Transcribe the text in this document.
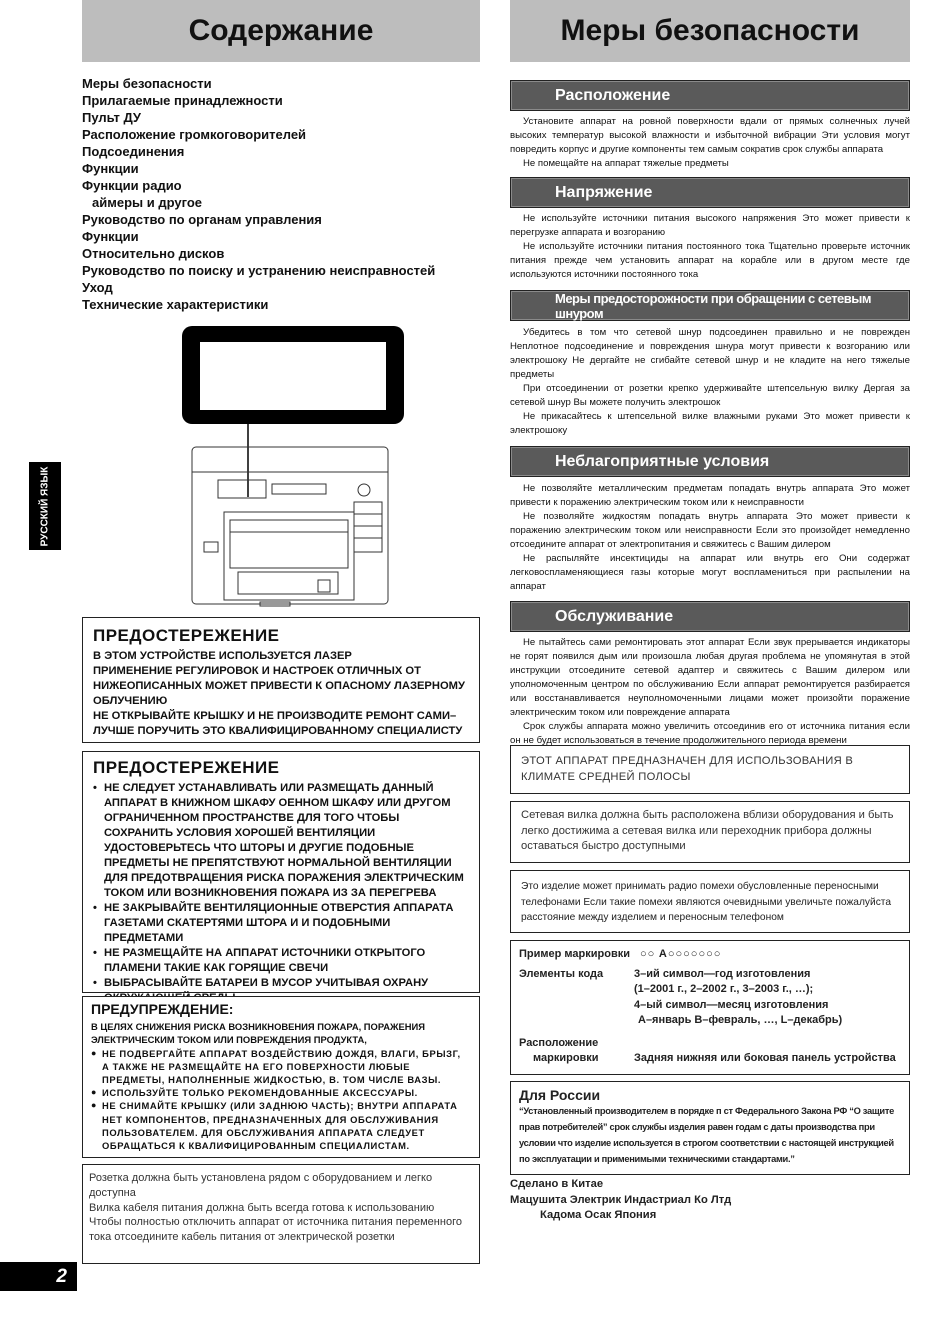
Содержание
Меры безопасности
Прилагаемые принадлежности
Пульт ДУ
Расположение громкоговорителей
Подсоединения
Функции
Функции радио
аймеры и другое
Руководство по органам управления
Функции
Относительно дисков
Руководство по поиску и устранению неисправностей
Уход
Технические характеристики
ПРЕДОСТЕРЕЖЕНИЕ
В ЭТОМ УСТРОЙСТВЕ ИСПОЛЬЗУЕТСЯ ЛАЗЕР
ПРИМЕНЕНИЕ РЕГУЛИРОВОК И НАСТРОЕК ОТЛИЧНЫХ ОТ НИЖЕОПИСАННЫХ МОЖЕТ ПРИВЕСТИ К ОПАСНОМУ ЛАЗЕРНОМУ ОБЛУЧЕНИЮ
НЕ ОТКРЫВАЙТЕ КРЫШКУ И НЕ ПРОИЗВОДИТЕ РЕМОНТ САМИ– ЛУЧШЕ ПОРУЧИТЬ ЭТО КВАЛИФИЦИРОВАННОМУ СПЕЦИАЛИСТУ
ПРЕДОСТЕРЕЖЕНИЕ
• НЕ СЛЕДУЕТ УСТАНАВЛИВАТЬ ИЛИ РАЗМЕЩАТЬ ДАННЫЙ АППАРАТ В КНИЖНОМ ШКАФУ ОЕННОМ ШКАФУ ИЛИ ДРУГОМ ОГРАНИЧЕННОМ ПРОСТРАНСТВЕ ДЛЯ ТОГО ЧТОБЫ СОХРАНИТЬ УСЛОВИЯ ХОРОШЕЙ ВЕНТИЛЯЦИИ УДОСТОВЕРЬТЕСЬ ЧТО ШТОРЫ И ДРУГИЕ ПОДОБНЫЕ ПРЕДМЕТЫ НЕ ПРЕПЯТСТВУЮТ НОРМАЛЬНОЙ ВЕНТИЛЯЦИИ ДЛЯ ПРЕДОТВРАЩЕНИЯ РИСКА ПОРАЖЕНИЯ ЭЛЕКТРИЧЕСКИМ ТОКОМ ИЛИ ВОЗНИКНОВЕНИЯ ПОЖАРА ИЗ ЗА ПЕРЕГРЕВА
• НЕ ЗАКРЫВАЙТЕ ВЕНТИЛЯЦИОННЫЕ ОТВЕРСТИЯ АППАРАТА ГАЗЕТАМИ СКАТЕРТЯМИ ШТОРА И И ПОДОБНЫМИ ПРЕДМЕТАМИ
• НЕ РАЗМЕЩАЙТЕ НА АППАРАТ ИСТОЧНИКИ ОТКРЫТОГО ПЛАМЕНИ ТАКИЕ КАК ГОРЯЩИЕ СВЕЧИ
• ВЫБРАСЫВАЙТЕ БАТАРЕИ В МУСОР УЧИТЫВАЯ ОХРАНУ
ПРЕДУПРЕЖДЕНИЕ:
В ЦЕЛЯХ СНИЖЕНИЯ РИСКА ВОЗНИКНОВЕНИЯ ПОЖАРА, ПОРАЖЕНИЯ ЭЛЕКТРИЧЕСКИМ ТОКОМ ИЛИ ПОВРЕЖДЕНИЯ ПРОДУКТА,
● НЕ ПОДВЕРГАЙТЕ АППАРАТ ВОЗДЕЙСТВИЮ ДОЖДЯ, ВЛАГИ, БРЫЗГ, А ТАКЖЕ НЕ РАЗМЕЩАЙТЕ НА ЕГО ПОВЕРХНОСТИ ЛЮБЫЕ ПРЕДМЕТЫ, НАПОЛНЕННЫЕ ЖИДКОСТЬЮ, В. ТОМ ЧИСЛЕ ВАЗЫ.
● ИСПОЛЬЗУЙТЕ ТОЛЬКО РЕКОМЕНДОВАННЫЕ АКСЕССУАРЫ.
● НЕ СНИМАЙТЕ КРЫШКУ (ИЛИ ЗАДНЮЮ ЧАСТЬ); ВНУТРИ АППАРАТА НЕТ КОМПОНЕНТОВ, ПРЕДНАЗНАЧЕННЫХ ДЛЯ ОБСЛУЖИВАНИЯ ПОЛЬЗОВАТЕЛЕМ. ДЛЯ ОБСЛУЖИВАНИЯ АППАРАТА СЛЕДУЕТ ОБРАЩАТЬСЯ К КВАЛИФИЦИРОВАННЫМ СПЕЦИАЛИСТАМ.
Розетка должна быть установлена рядом с оборудованием и легко доступна
Вилка кабеля питания должна быть всегда готова к использованию
Чтобы полностью отключить аппарат от источника питания переменного тока отсоедините кабель питания от электрической розетки
РУССКИЙ ЯЗЫК
2
Меры безопасности
Расположение

Установите аппарат на ровной поверхности вдали от прямых солнечных лучей высоких температур высокой влажности и избыточной вибрации Эти условия могут повредить корпус и другие компоненты тем самым сократив срок службы аппарата

Не помещайте на аппарат тяжелые предметы

Напряжение

Не используйте источники питания высокого напряжения Это может привести к перегрузке аппарата и возгоранию

Не используйте источники питания постоянного тока Тщательно проверьте источник питания прежде чем установить аппарат на корабле или в другом месте где используются источники постоянного тока

Меры предосторожности при обращении с сетевым шнуром

Убедитесь в том что сетевой шнур подсоединен правильно и не поврежден Неплотное подсоединение и повреждения шнура могут привести к возгоранию или электрошоку Не дергайте не сгибайте сетевой шнур и не кладите на него тяжелые предметы

При отсоединении от розетки крепко удерживайте штепсельную вилку Дергая за сетевой шнур Вы можете получить электрошок

Не прикасайтесь к штепсельной вилке влажными руками Это может привести к электрошоку

Неблагоприятные условия

Не позволяйте металлическим предметам попадать внутрь аппарата Это может привести к поражению электрическим током или к неисправности

Не позволяйте жидкостям попадать внутрь аппарата Это может привести к поражению электрическим током или неисправности Если это произойдет немедленно отсоедините аппарат от электропитания и свяжитесь с Вашим дилером

Не распыляйте инсектициды на аппарат или внутрь его Они содержат легковоспламеняющиеся газы которые могут воспламениться при распылении на аппарат

Обслуживание

Не пытайтесь сами ремонтировать этот аппарат Если звук прерывается индикаторы не горят появился дым или произошла любая другая проблема не упомянутая в этой инструкции отсоедините сетевой адаптер и свяжитесь с Вашим дилером или уполномоченным центром по обслуживанию Если аппарат ремонтируется разбирается или восстанавливается неуполномоченными лицами может произойти поражение электрическим током или повреждение аппарата

Срок службы аппарата можно увеличить отсоединив его от источника питания если он не будет использоваться в течение продолжительного периода времени

ЭТОТ АППАРАТ ПРЕДНАЗНАЧЕН ДЛЯ ИСПОЛЬЗОВАНИЯ В КЛИМАТЕ СРЕДНЕЙ ПОЛОСЫ
Сетевая вилка должна быть расположена вблизи оборудования и быть легко достижима а сетевая вилка или переходник прибора должны оставаться быстро доступными
Это изделие может принимать радио помехи обусловленные переносными телефонами Если такие помехи являются очевидными увеличьте пожалуйста расстояние между изделием и переносным телефоном
Пример маркировки ○○ A○○○○○○○
Элементы кода	3–ий символ—год изготовления
(1–2001 г., 2–2002 г., 3–2003 г., …);
4–ый символ—месяц изготовления
A–январь B–февраль, …, L–декабрь)
Расположение
маркировки	Задняя нижняя или боковая панель устройства
Для России
“Установленный производителем в порядке п ст Федерального Закона РФ “О защите прав потребителей” срок службы изделия равен годам с даты производства при условии что изделие используется в строгом соответствии с настоящей инструкцией по эксплуатации и применимыми техническими стандартами.”
Сделано в Китае
Мацушита Электрик Индастриал Ко Лтд
Кадома Осак Япония
